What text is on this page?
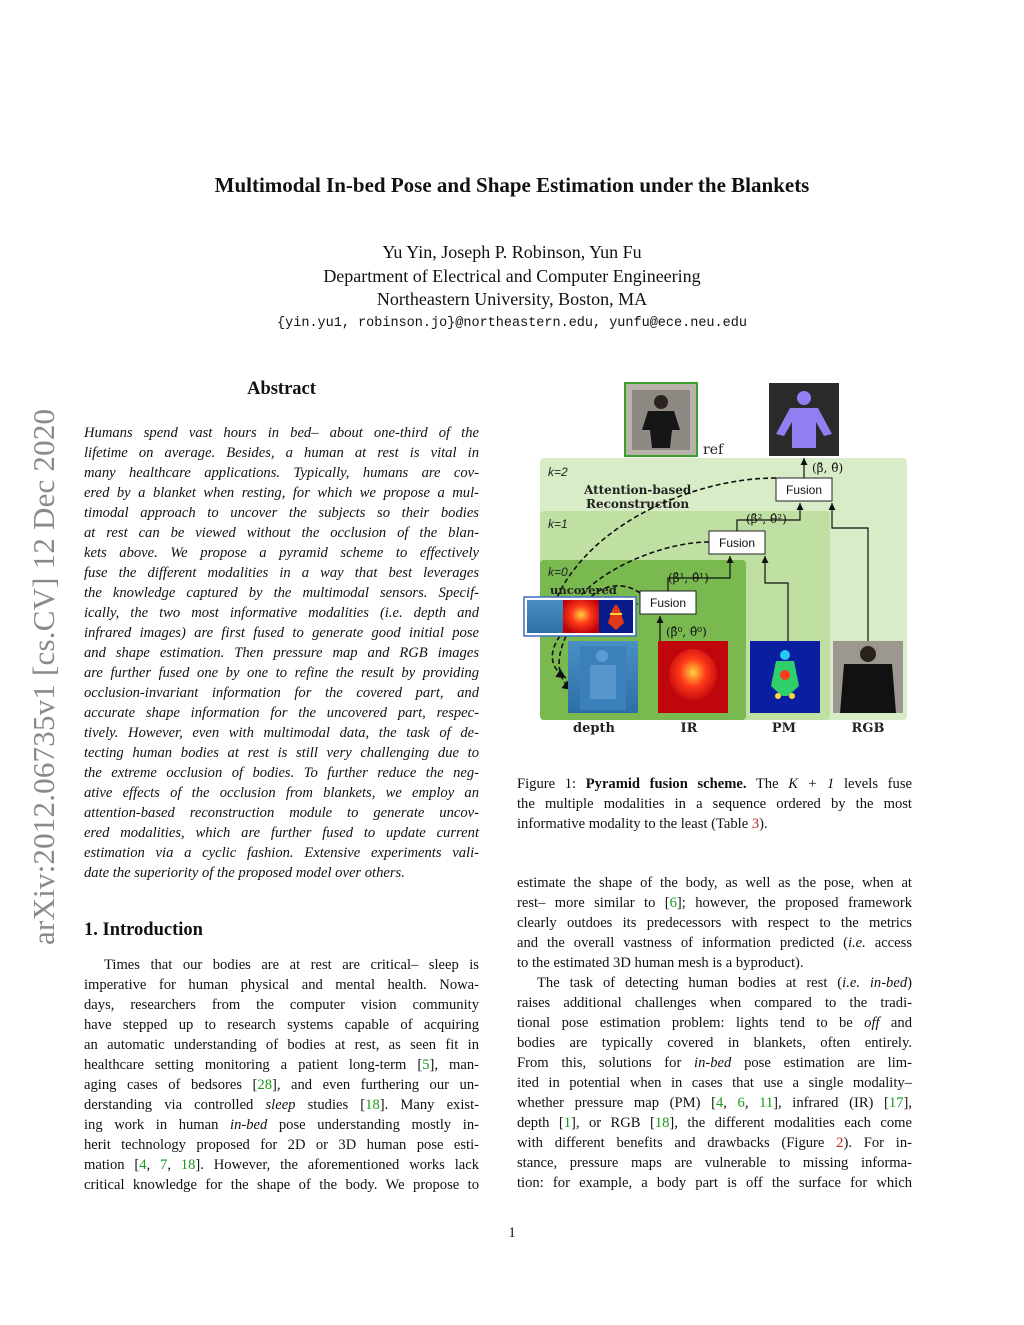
arXiv:2012.06735v1 [cs.CV] 12 Dec 2020
Multimodal In-bed Pose and Shape Estimation under the Blankets
Yu Yin, Joseph P. Robinson, Yun Fu
Department of Electrical and Computer Engineering
Northeastern University, Boston, MA
{yin.yu1, robinson.jo}@northeastern.edu, yunfu@ece.neu.edu
Abstract
Humans spend vast hours in bed– about one-third of the
lifetime on average. Besides, a human at rest is vital in
many healthcare applications. Typically, humans are cov-
ered by a blanket when resting, for which we propose a mul-
timodal approach to uncover the subjects so their bodies
at rest can be viewed without the occlusion of the blan-
kets above. We propose a pyramid scheme to effectively
fuse the different modalities in a way that best leverages
the knowledge captured by the multimodal sensors. Specif-
ically, the two most informative modalities (i.e. depth and
infrared images) are first fused to generate good initial pose
and shape estimation. Then pressure map and RGB images
are further fused one by one to refine the result by providing
occlusion-invariant information for the covered part, and
accurate shape information for the uncovered part, respec-
tively. However, even with multimodal data, the task of de-
tecting human bodies at rest is still very challenging due to
the extreme occlusion of bodies. To further reduce the neg-
ative effects of the occlusion from blankets, we employ an
attention-based reconstruction module to generate uncov-
ered modalities, which are further fused to update current
estimation via a cyclic fashion. Extensive experiments vali-
date the superiority of the proposed model over others.
1. Introduction
Times that our bodies are at rest are critical– sleep is
imperative for human physical and mental health. Nowa-
days, researchers from the computer vision community
have stepped up to research systems capable of acquiring
an automatic understanding of bodies at rest, as seen fit in
healthcare setting monitoring a patient long-term [5], man-
aging cases of bedsores [28], and even furthering our un-
derstanding via controlled sleep studies [18]. Many exist-
ing work in human in-bed pose understanding mostly in-
herit technology proposed for 2D or 3D human pose esti-
mation [4, 7, 18]. However, the aforementioned works lack
critical knowledge for the shape of the body. We propose to
k=2
k=1
k=0
Attention-based
Reconstruction
ref
Fusion
Fusion
Fusion
(β̂, θ̂)
(β̂², θ̂²)
(β̂¹, θ̂¹)
(β̂⁰, θ̂⁰)
uncovered
depth	IR	PM	RGB
Figure 1: Pyramid fusion scheme. The K + 1 levels fuse
the multiple modalities in a sequence ordered by the most
informative modality to the least (Table 3).
estimate the shape of the body, as well as the pose, when at
rest– more similar to [6]; however, the proposed framework
clearly outdoes its predecessors with respect to the metrics
and the overall vastness of information predicted (i.e. access
to the estimated 3D human mesh is a byproduct).
The task of detecting human bodies at rest (i.e. in-bed)
raises additional challenges when compared to the tradi-
tional pose estimation problem: lights tend to be off and
bodies are typically covered in blankets, often entirely.
From this, solutions for in-bed pose estimation are lim-
ited in potential when in cases that use a single modality–
whether pressure map (PM) [4, 6, 11], infrared (IR) [17],
depth [1], or RGB [18], the different modalities each come
with different benefits and drawbacks (Figure 2). For in-
stance, pressure maps are vulnerable to missing informa-
tion: for example, a body part is off the surface for which
1
